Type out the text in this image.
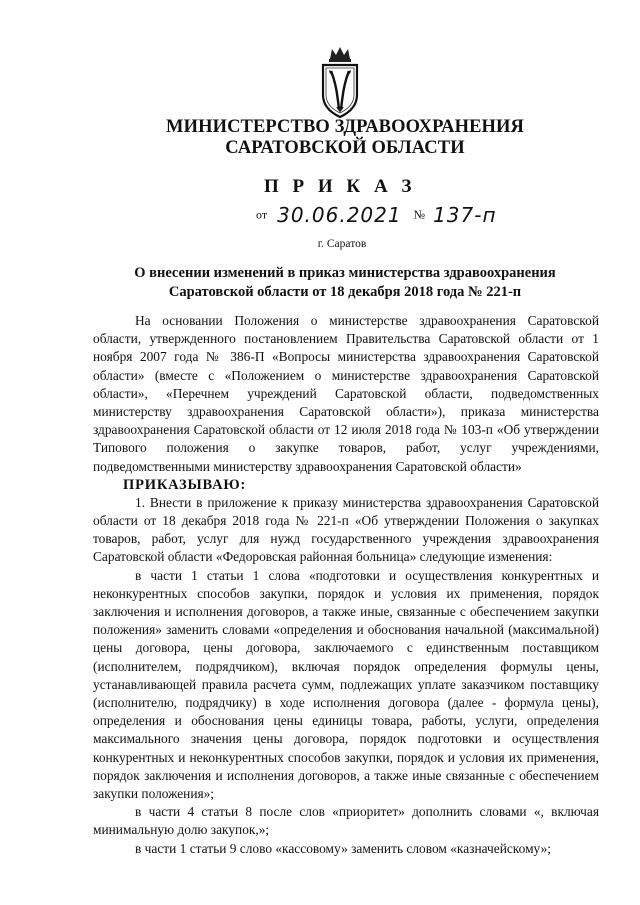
МИНИСТЕРСТВО ЗДРАВООХРАНЕНИЯ
САРАТОВСКОЙ ОБЛАСТИ
П Р И К А З
от 30.06.2021 № 137-п
г. Саратов
О внесении изменений в приказ министерства здравоохранения
Саратовской области от 18 декабря 2018 года № 221-п

На основании Положения о министерстве здравоохранения Саратовской области, утвержденного постановлением Правительства Саратовской области от 1 ноября 2007 года № 386-П «Вопросы министерства здравоохранения Саратовской области» (вместе с «Положением о министерстве здравоохранения Саратовской области», «Перечнем учреждений Саратовской области, подведомственных министерству здравоохранения Саратовской области»), приказа министерства здравоохранения Саратовской области от 12 июля 2018 года № 103-п «Об утверждении Типового положения о закупке товаров, работ, услуг учреждениями, подведомственными министерству здравоохранения Саратовской области»

ПРИКАЗЫВАЮ:

1. Внести в приложение к приказу министерства здравоохранения Саратовской области от 18 декабря 2018 года № 221-п «Об утверждении Положения о закупках товаров, работ, услуг для нужд государственного учреждения здравоохранения Саратовской области «Федоровская районная больница» следующие изменения:

в части 1 статьи 1 слова «подготовки и осуществления конкурентных и неконкурентных способов закупки, порядок и условия их применения, порядок заключения и исполнения договоров, а также иные, связанные с обеспечением закупки положения» заменить словами «определения и обоснования начальной (максимальной) цены договора, цены договора, заключаемого с единственным поставщиком (исполнителем, подрядчиком), включая порядок определения формулы цены, устанавливающей правила расчета сумм, подлежащих уплате заказчиком поставщику (исполнителю, подрядчику) в ходе исполнения договора (далее - формула цены), определения и обоснования цены единицы товара, работы, услуги, определения максимального значения цены договора, порядок подготовки и осуществления конкурентных и неконкурентных способов закупки, порядок и условия их применения, порядок заключения и исполнения договоров, а также иные связанные с обеспечением закупки положения»;

в части 4 статьи 8 после слов «приоритет» дополнить словами «, включая минимальную долю закупок,»;

в части 1 статьи 9 слово «кассовому» заменить словом «казначейскому»;
